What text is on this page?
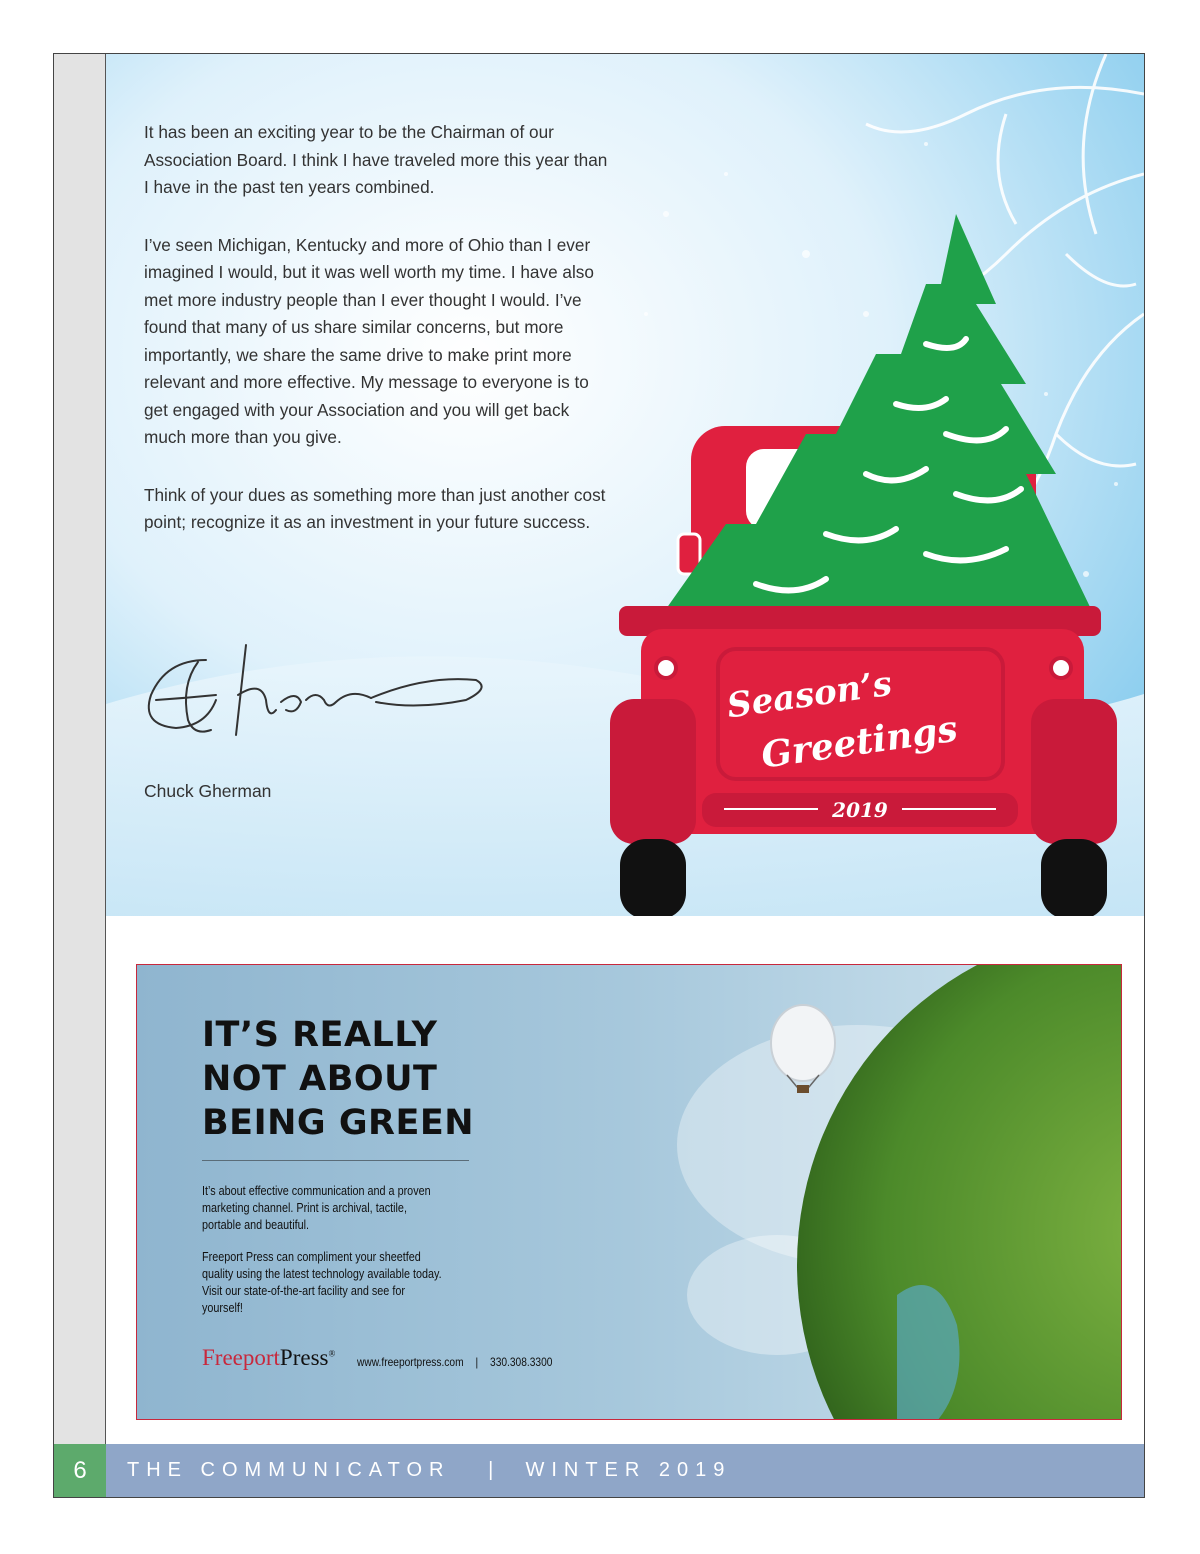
2019
Season’s
Greetings

It has been an exciting year to be the Chairman of our Association Board. I think I have traveled more this year than I have in the past ten years combined.

I’ve seen Michigan, Kentucky and more of Ohio than I ever imagined I would, but it was well worth my time. I have also met more industry people than I ever thought I would. I’ve found that many of us share similar concerns, but more importantly, we share the same drive to make print more relevant and more effective. My message to everyone is to get engaged with your Association and you will get back much more than you give.

Think of your dues as something more than just another cost point; recognize it as an investment in your future success.

Chuck Gherman
IT’S REALLY
NOT ABOUT
BEING GREEN

It’s about effective communication and a proven marketing channel. Print is archival, tactile, portable and beautiful.

Freeport Press can compliment your sheetfed quality using the latest technology available today. Visit our state-of-the-art facility and see for yourself!

FreeportPress®
www.freeportpress.com | 330.308.3300
6	THE COMMUNICATOR   |  WINTER 2019
